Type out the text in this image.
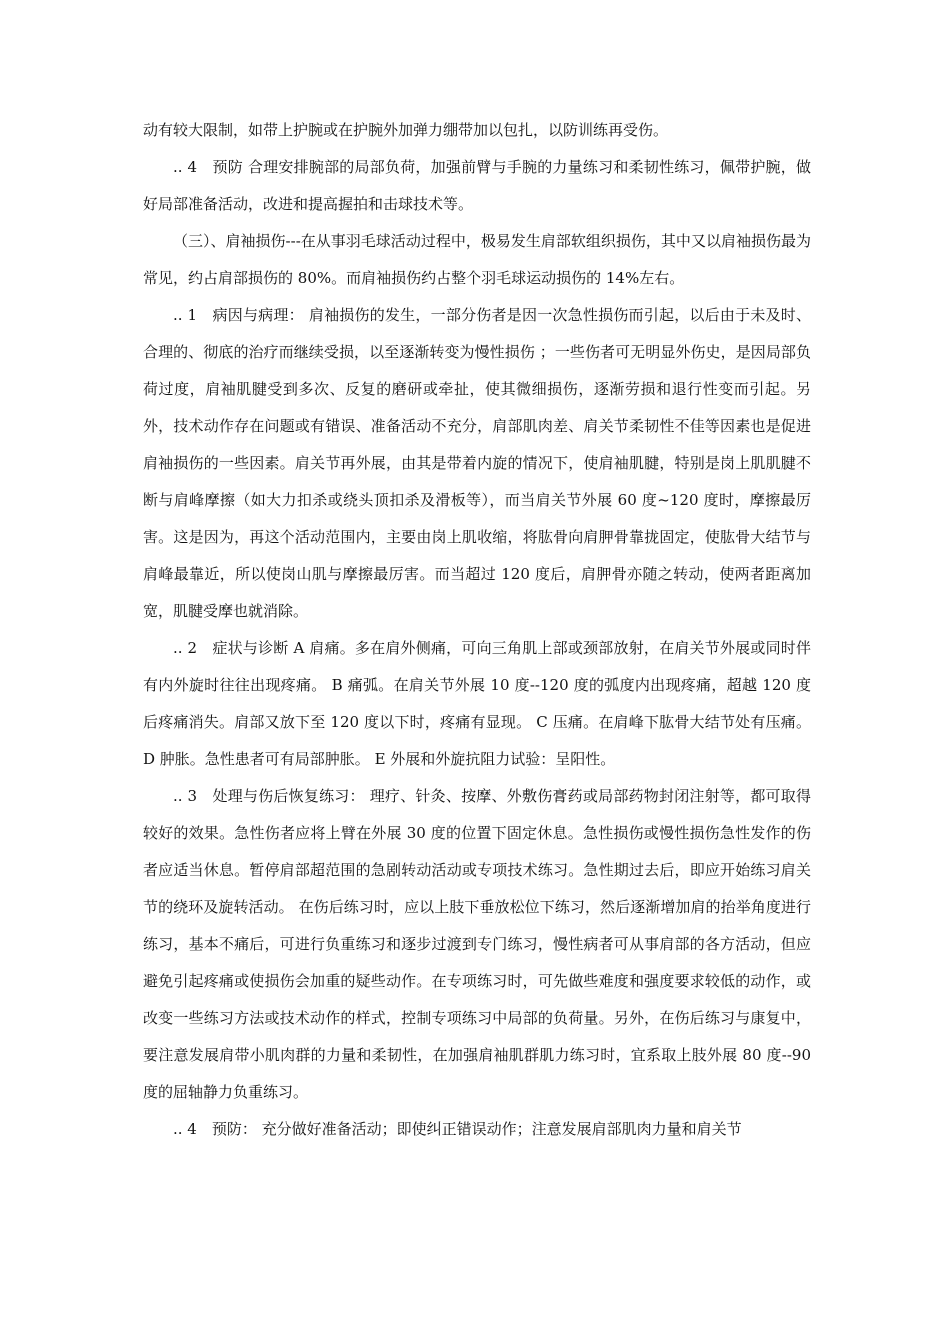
动有较大限制，如带上护腕或在护腕外加弹力绷带加以包扎，以防训练再受伤。

.. 4　预防 合理安排腕部的局部负荷，加强前臂与手腕的力量练习和柔韧性练习，佩带护腕，做好局部准备活动，改进和提高握拍和击球技术等。

（三）、肩袖损伤---在从事羽毛球活动过程中，极易发生肩部软组织损伤，其中又以肩袖损伤最为常见，约占肩部损伤的 80%。而肩袖损伤约占整个羽毛球运动损伤的 14%左右。

.. 1　病因与病理： 肩袖损伤的发生，一部分伤者是因一次急性损伤而引起，以后由于未及时、合理的、彻底的治疗而继续受损，以至逐渐转变为慢性损伤 ；一些伤者可无明显外伤史，是因局部负荷过度，肩袖肌腱受到多次、反复的磨研或牵扯，使其微细损伤，逐渐劳损和退行性变而引起。另外，技术动作存在问题或有错误、准备活动不充分，肩部肌肉差、肩关节柔韧性不佳等因素也是促进肩袖损伤的一些因素。肩关节再外展，由其是带着内旋的情况下，使肩袖肌腱，特别是岗上肌肌腱不断与肩峰摩擦（如大力扣杀或绕头顶扣杀及滑板等），而当肩关节外展 60 度~120 度时，摩擦最厉害。这是因为，再这个活动范围内，主要由岗上肌收缩，将肱骨向肩胛骨靠拢固定，使肱骨大结节与肩峰最靠近，所以使岗山肌与摩擦最厉害。而当超过 120 度后，肩胛骨亦随之转动，使两者距离加宽，肌腱受摩也就消除。

.. 2　症状与诊断 A 肩痛。多在肩外侧痛，可向三角肌上部或颈部放射，在肩关节外展或同时伴有内外旋时往往出现疼痛。 B 痛弧。在肩关节外展 10 度--120 度的弧度内出现疼痛，超越 120 度后疼痛消失。肩部又放下至 120 度以下时，疼痛有显现。 C 压痛。在肩峰下肱骨大结节处有压痛。 D 肿胀。急性患者可有局部肿胀。 E 外展和外旋抗阻力试验：呈阳性。

.. 3　处理与伤后恢复练习： 理疗、针灸、按摩、外敷伤膏药或局部药物封闭注射等，都可取得较好的效果。急性伤者应将上臂在外展 30 度的位置下固定休息。急性损伤或慢性损伤急性发作的伤者应适当休息。暂停肩部超范围的急剧转动活动或专项技术练习。急性期过去后，即应开始练习肩关节的绕环及旋转活动。 在伤后练习时，应以上肢下垂放松位下练习，然后逐渐增加肩的抬举角度进行练习，基本不痛后，可进行负重练习和逐步过渡到专门练习，慢性病者可从事肩部的各方活动，但应避免引起疼痛或使损伤会加重的疑些动作。在专项练习时，可先做些难度和强度要求较低的动作，或改变一些练习方法或技术动作的样式，控制专项练习中局部的负荷量。另外，在伤后练习与康复中，要注意发展肩带小肌肉群的力量和柔韧性，在加强肩袖肌群肌力练习时，宜系取上肢外展 80 度--90 度的屈轴静力负重练习。

.. 4　预防： 充分做好准备活动；即使纠正错误动作；注意发展肩部肌肉力量和肩关节
